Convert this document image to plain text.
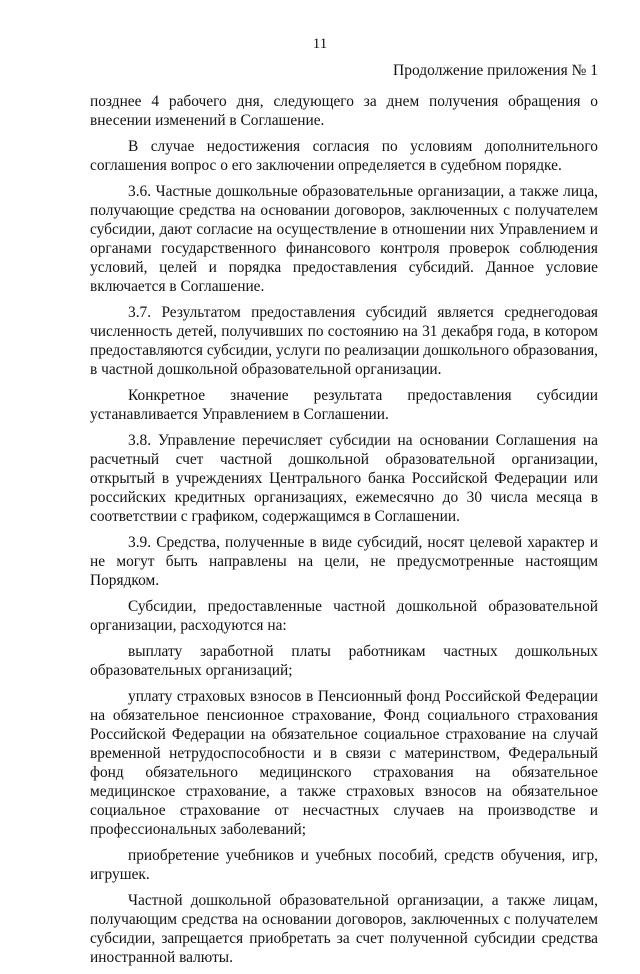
11
Продолжение приложения № 1

позднее 4 рабочего дня, следующего за днем получения обращения о внесении изменений в Соглашение.

В случае недостижения согласия по условиям дополнительного соглашения вопрос о его заключении определяется в судебном порядке.

3.6. Частные дошкольные образовательные организации, а также лица, получающие средства на основании договоров, заключенных с получателем субсидии, дают согласие на осуществление в отношении них Управлением и органами государственного финансового контроля проверок соблюдения условий, целей и порядка предоставления субсидий. Данное условие включается в Соглашение.

3.7. Результатом предоставления субсидий является среднегодовая численность детей, получивших по состоянию на 31 декабря года, в котором предоставляются субсидии, услуги по реализации дошкольного образования, в частной дошкольной образовательной организации.

Конкретное значение результата предоставления субсидии устанавливается Управлением в Соглашении.

3.8. Управление перечисляет субсидии на основании Соглашения на расчетный счет частной дошкольной образовательной организации, открытый в учреждениях Центрального банка Российской Федерации или российских кредитных организациях, ежемесячно до 30 числа месяца в соответствии с графиком, содержащимся в Соглашении.

3.9. Средства, полученные в виде субсидий, носят целевой характер и не могут быть направлены на цели, не предусмотренные настоящим Порядком.

Субсидии, предоставленные частной дошкольной образовательной организации, расходуются на:

выплату заработной платы работникам частных дошкольных образовательных организаций;

уплату страховых взносов в Пенсионный фонд Российской Федерации на обязательное пенсионное страхование, Фонд социального страхования Российской Федерации на обязательное социальное страхование на случай временной нетрудоспособности и в связи с материнством, Федеральный фонд обязательного медицинского страхования на обязательное медицинское страхование, а также страховых взносов на обязательное социальное страхование от несчастных случаев на производстве и профессиональных заболеваний;

приобретение учебников и учебных пособий, средств обучения, игр, игрушек.

Частной дошкольной образовательной организации, а также лицам, получающим средства на основании договоров, заключенных с получателем субсидии, запрещается приобретать за счет полученной субсидии средства иностранной валюты.
